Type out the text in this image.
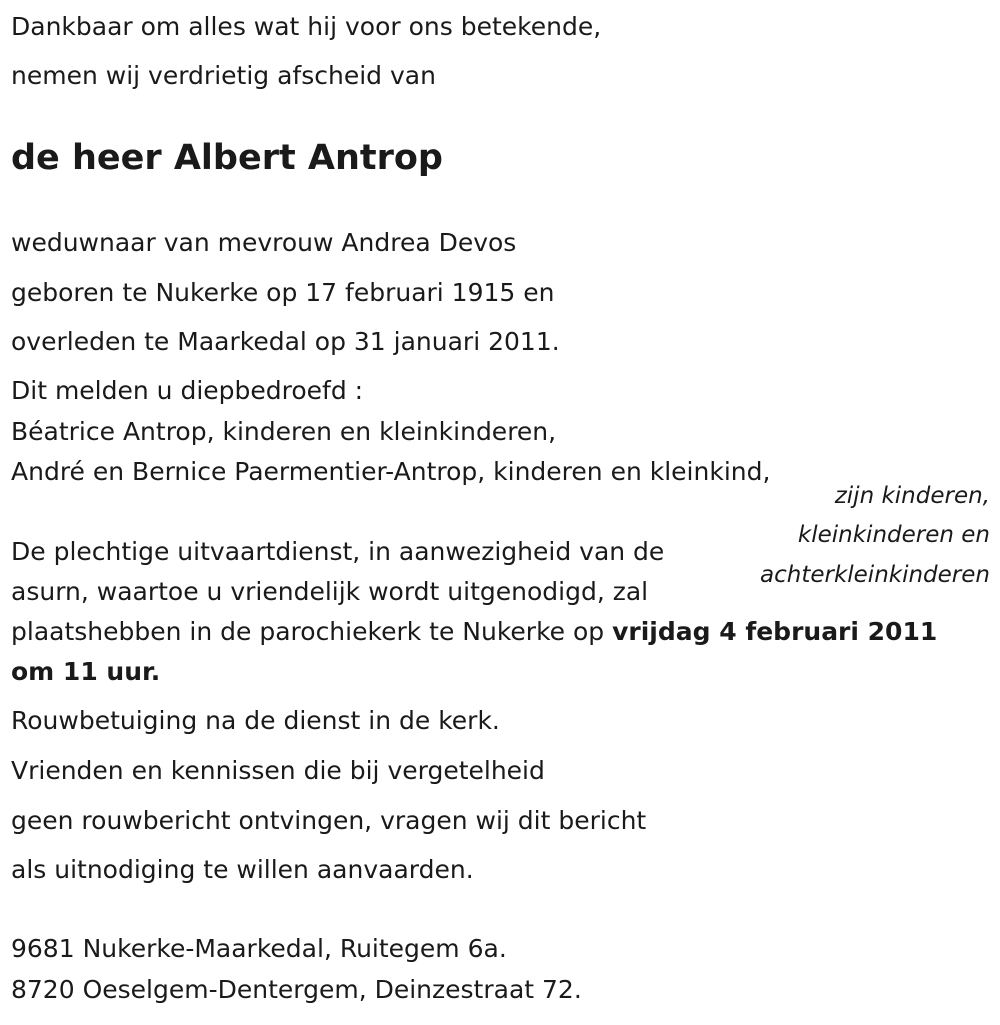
Dankbaar om alles wat hij voor ons betekende,

nemen wij verdrietig afscheid van

de heer Albert Antrop

weduwnaar van mevrouw Andrea Devos

geboren te Nukerke op 17 februari 1915 en

overleden te Maarkedal op 31 januari 2011.

Dit melden u diepbedroefd :

Béatrice Antrop, kinderen en kleinkinderen,

André en Bernice Paermentier-Antrop, kinderen en kleinkind,

zijn kinderen,
kleinkinderen en
achterkleinkinderen

De plechtige uitvaartdienst, in aanwezigheid van de

asurn, waartoe u vriendelijk wordt uitgenodigd, zal

plaatshebben in de parochiekerk te Nukerke op vrijdag 4 februari 2011

om 11 uur.

Rouwbetuiging na de dienst in de kerk.

Vrienden en kennissen die bij vergetelheid

geen rouwbericht ontvingen, vragen wij dit bericht

als uitnodiging te willen aanvaarden.

9681 Nukerke-Maarkedal, Ruitegem 6a.

8720 Oeselgem-Dentergem, Deinzestraat 72.
